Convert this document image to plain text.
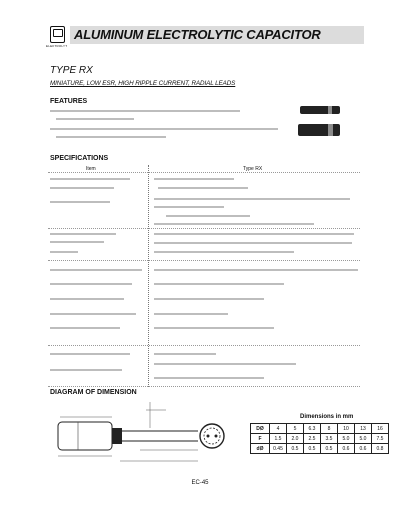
ELEKTROLYT
ALUMINUM ELECTROLYTIC CAPACITOR
TYPE RX
MINIATURE, LOW ESR, HIGH RIPPLE CURRENT, RADIAL LEADS
FEATURES
SPECIFICATIONS
Item	Type RX
DIAGRAM OF DIMENSION
Dimensions in mm
DØ	4	5	6.3	8	10	13	16
F	1.5	2.0	2.5	3.5	5.0	5.0	7.5
dØ	0.45	0.5	0.5	0.5	0.6	0.6	0.8
EC-45
